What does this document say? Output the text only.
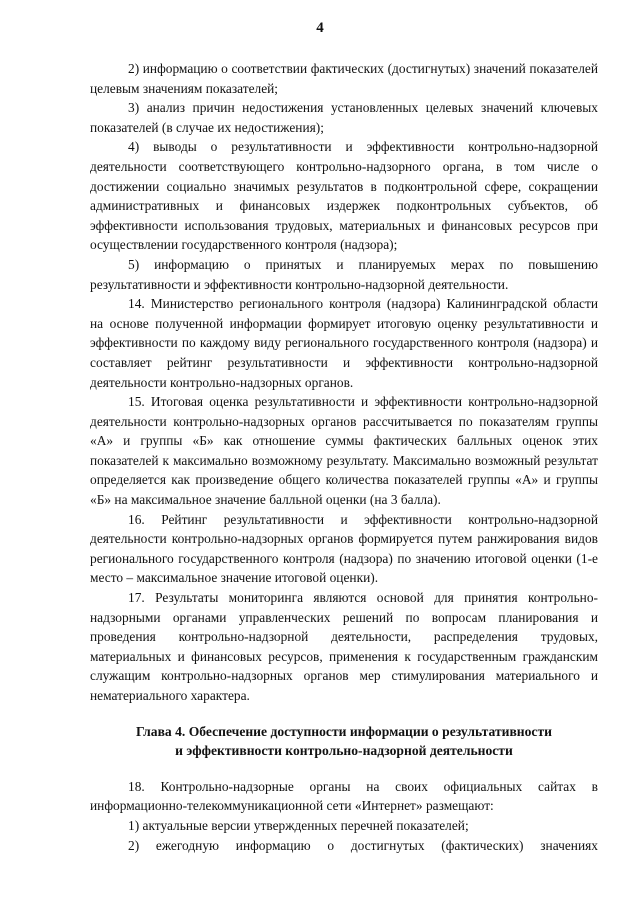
4

2) информацию о соответствии фактических (достигнутых) значений показателей целевым значениям показателей;

3) анализ причин недостижения установленных целевых значений ключевых показателей (в случае их недостижения);

4) выводы о результативности и эффективности контрольно-надзорной деятельности соответствующего контрольно-надзорного органа, в том числе о достижении социально значимых результатов в подконтрольной сфере, сокращении административных и финансовых издержек подконтрольных субъектов, об эффективности использования трудовых, материальных и финансовых ресурсов при осуществлении государственного контроля (надзора);

5) информацию о принятых и планируемых мерах по повышению результативности и эффективности контрольно-надзорной деятельности.

14. Министерство регионального контроля (надзора) Калининградской области на основе полученной информации формирует итоговую оценку результативности и эффективности по каждому виду регионального государственного контроля (надзора) и составляет рейтинг результативности и эффективности контрольно-надзорной деятельности контрольно-надзорных органов.

15. Итоговая оценка результативности и эффективности контрольно-надзорной деятельности контрольно-надзорных органов рассчитывается по показателям группы «А» и группы «Б» как отношение суммы фактических балльных оценок этих показателей к максимально возможному результату. Максимально возможный результат определяется как произведение общего количества показателей группы «А» и группы «Б» на максимальное значение балльной оценки (на 3 балла).

16. Рейтинг результативности и эффективности контрольно-надзорной деятельности контрольно-надзорных органов формируется путем ранжирования видов регионального государственного контроля (надзора) по значению итоговой оценки (1-е место – максимальное значение итоговой оценки).

17. Результаты мониторинга являются основой для принятия контрольно-надзорными органами управленческих решений по вопросам планирования и проведения контрольно-надзорной деятельности, распределения трудовых, материальных и финансовых ресурсов, применения к государственным гражданским служащим контрольно-надзорных органов мер стимулирования материального и нематериального характера.

Глава 4. Обеспечение доступности информации о результативности
и эффективности контрольно-надзорной деятельности

18. Контрольно-надзорные органы на своих официальных сайтах в информационно-телекоммуникационной сети «Интернет» размещают:

1) актуальные версии утвержденных перечней показателей;

2) ежегодную информацию о достигнутых (фактических) значениях
